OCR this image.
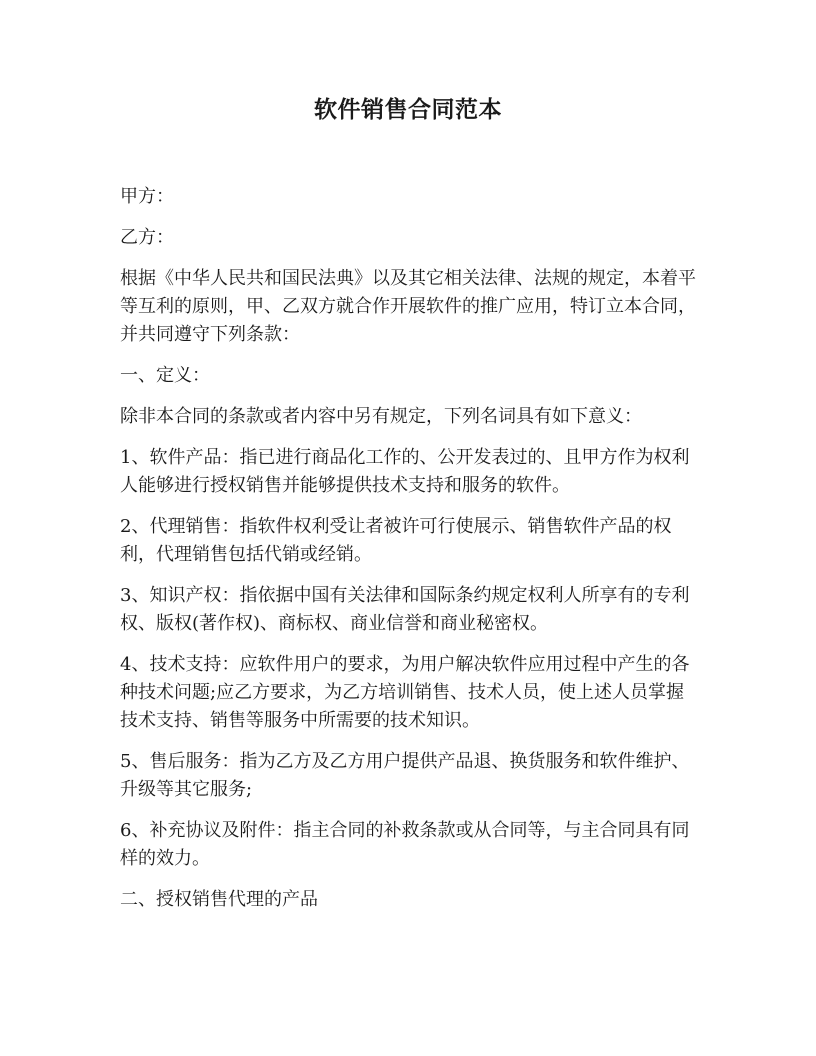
软件销售合同范本

甲方：

乙方：

根据《中华人民共和国民法典》以及其它相关法律、法规的规定，本着平等互利的原则，甲、乙双方就合作开展软件的推广应用，特订立本合同，并共同遵守下列条款：

一、定义：

除非本合同的条款或者内容中另有规定，下列名词具有如下意义：

1、软件产品：指已进行商品化工作的、公开发表过的、且甲方作为权利人能够进行授权销售并能够提供技术支持和服务的软件。

2、代理销售：指软件权利受让者被许可行使展示、销售软件产品的权利，代理销售包括代销或经销。

3、知识产权：指依据中国有关法律和国际条约规定权利人所享有的专利权、版权(著作权)、商标权、商业信誉和商业秘密权。

4、技术支持：应软件用户的要求，为用户解决软件应用过程中产生的各种技术问题;应乙方要求，为乙方培训销售、技术人员，使上述人员掌握技术支持、销售等服务中所需要的技术知识。

5、售后服务：指为乙方及乙方用户提供产品退、换货服务和软件维护、升级等其它服务;

6、补充协议及附件：指主合同的补救条款或从合同等，与主合同具有同样的效力。

二、授权销售代理的产品
